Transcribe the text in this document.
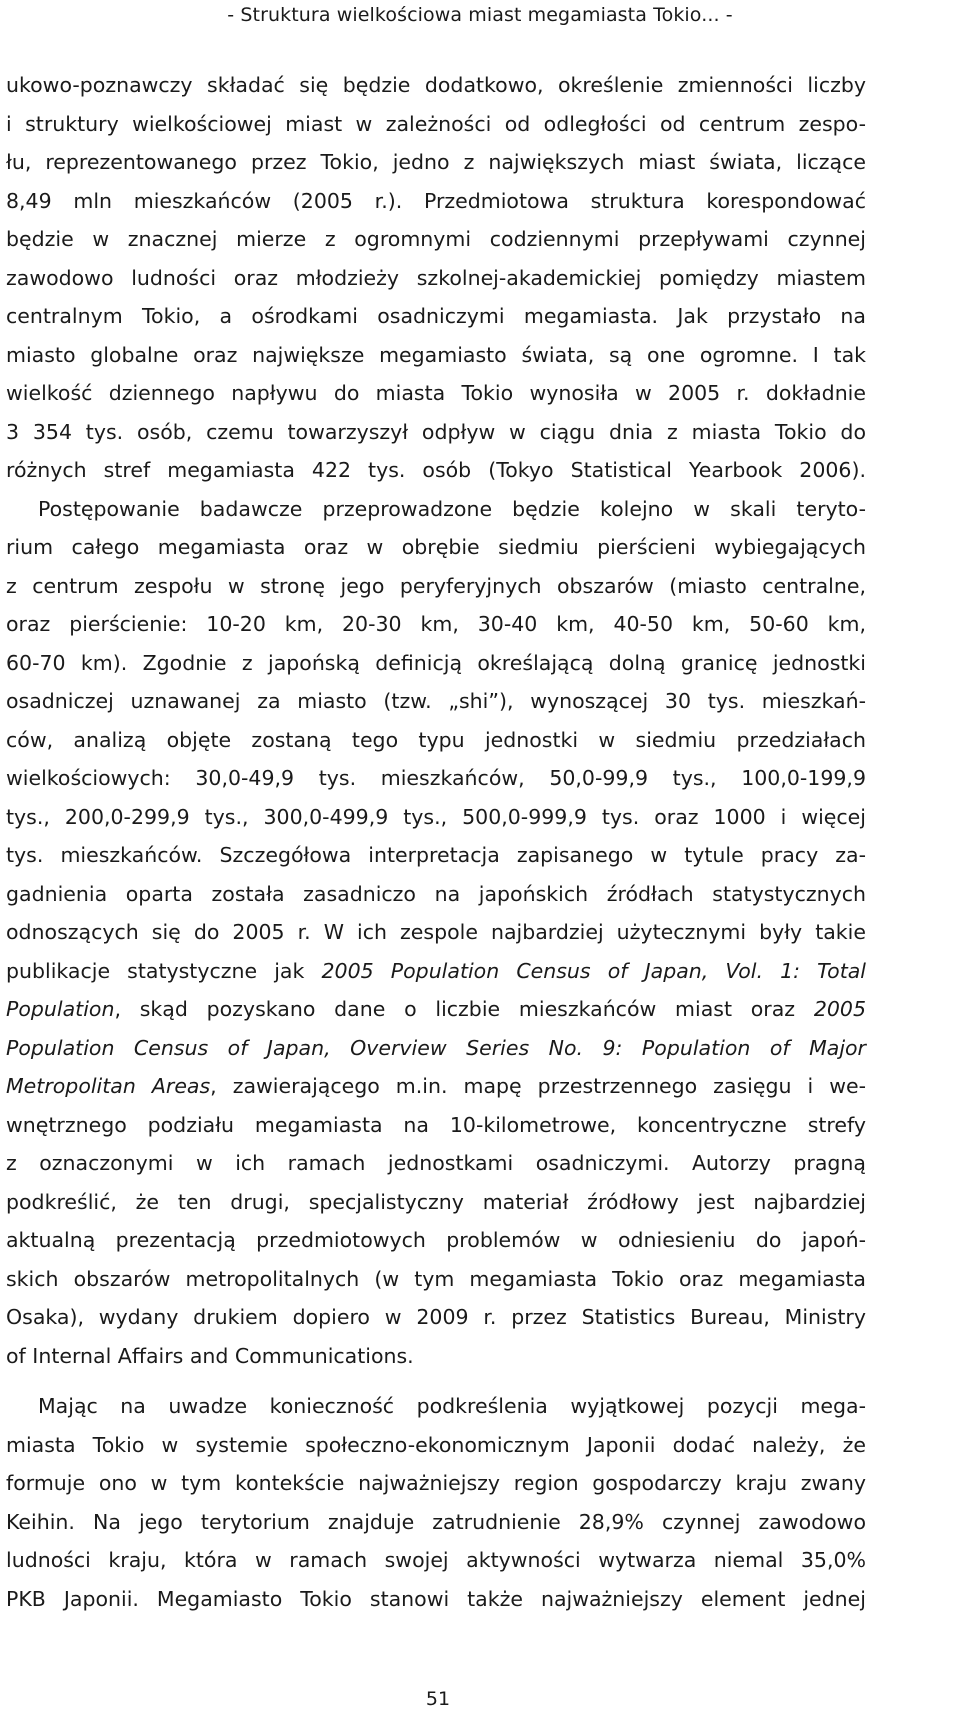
- Struktura wielkościowa miast megamiasta Tokio... -
ukowo-poznawczy składać się będzie dodatkowo, określenie zmienności liczby
i struktury wielkościowej miast w zależności od odległości od centrum zespo-
łu, reprezentowanego przez Tokio, jedno z największych miast świata, liczące
8,49 mln mieszkańców (2005 r.). Przedmiotowa struktura korespondować
będzie w znacznej mierze z ogromnymi codziennymi przepływami czynnej
zawodowo ludności oraz młodzieży szkolnej-akademickiej pomiędzy miastem
centralnym Tokio, a ośrodkami osadniczymi megamiasta. Jak przystało na
miasto globalne oraz największe megamiasto świata, są one ogromne. I tak
wielkość dziennego napływu do miasta Tokio wynosiła w 2005 r. dokładnie
3 354 tys. osób, czemu towarzyszył odpływ w ciągu dnia z miasta Tokio do
różnych stref megamiasta 422 tys. osób (Tokyo Statistical Yearbook 2006).
Postępowanie badawcze przeprowadzone będzie kolejno w skali teryto-
rium całego megamiasta oraz w obrębie siedmiu pierścieni wybiegających
z centrum zespołu w stronę jego peryferyjnych obszarów (miasto centralne,
oraz pierścienie: 10-20 km, 20-30 km, 30-40 km, 40-50 km, 50-60 km,
60-70 km). Zgodnie z japońską definicją określającą dolną granicę jednostki
osadniczej uznawanej za miasto (tzw. „shi”), wynoszącej 30 tys. mieszkań-
ców, analizą objęte zostaną tego typu jednostki w siedmiu przedziałach
wielkościowych: 30,0-49,9 tys. mieszkańców, 50,0-99,9 tys., 100,0-199,9
tys., 200,0-299,9 tys., 300,0-499,9 tys., 500,0-999,9 tys. oraz 1000 i więcej
tys. mieszkańców. Szczegółowa interpretacja zapisanego w tytule pracy za-
gadnienia oparta została zasadniczo na japońskich źródłach statystycznych
odnoszących się do 2005 r. W ich zespole najbardziej użytecznymi były takie
publikacje statystyczne jak 2005 Population Census of Japan, Vol. 1: Total
Population, skąd pozyskano dane o liczbie mieszkańców miast oraz 2005
Population Census of Japan, Overview Series No. 9: Population of Major
Metropolitan Areas, zawierającego m.in. mapę przestrzennego zasięgu i we-
wnętrznego podziału megamiasta na 10-kilometrowe, koncentryczne strefy
z oznaczonymi w ich ramach jednostkami osadniczymi. Autorzy pragną
podkreślić, że ten drugi, specjalistyczny materiał źródłowy jest najbardziej
aktualną prezentacją przedmiotowych problemów w odniesieniu do japoń-
skich obszarów metropolitalnych (w tym megamiasta Tokio oraz megamiasta
Osaka), wydany drukiem dopiero w 2009 r. przez Statistics Bureau, Ministry
of Internal Affairs and Communications.
Mając na uwadze konieczność podkreślenia wyjątkowej pozycji mega-
miasta Tokio w systemie społeczno-ekonomicznym Japonii dodać należy, że
formuje ono w tym kontekście najważniejszy region gospodarczy kraju zwany
Keihin. Na jego terytorium znajduje zatrudnienie 28,9% czynnej zawodowo
ludności kraju, która w ramach swojej aktywności wytwarza niemal 35,0%
PKB Japonii. Megamiasto Tokio stanowi także najważniejszy element jednej
51
